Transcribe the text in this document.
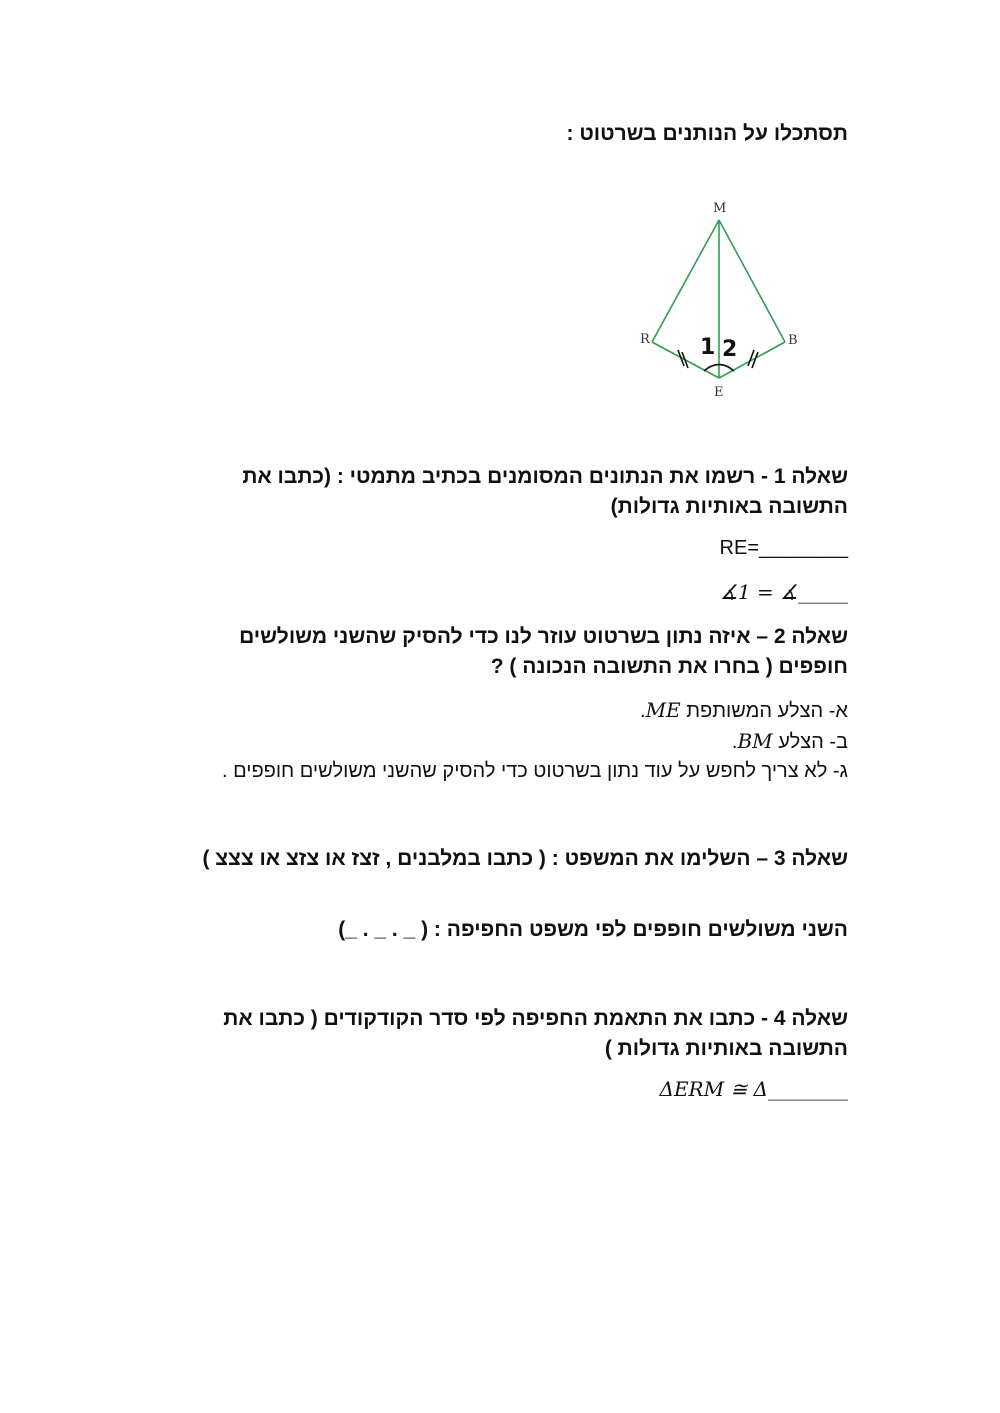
תסתכלו על הנותנים בשרטוט :
M
R	B
E
1 2
שאלה 1 - רשמו את הנתונים המסומנים בכתיב מתמטי : (כתבו את התשובה באותיות גדולות)
RE=________
∡1 = ∡_____
שאלה 2 – איזה נתון בשרטוט עוזר לנו כדי להסיק שהשני משולשים חופפים ( בחרו את התשובה הנכונה ) ?
א- הצלע המשותפת ME.
ב- הצלע BM.
ג- לא צריך לחפש על עוד נתון בשרטוט כדי להסיק שהשני משולשים חופפים .
שאלה 3 – השלימו את המשפט : ( כתבו במלבנים , זצז או צזצ או צצצ )
השני משולשים חופפים לפי משפט החפיפה : ( _ . _ . _)
שאלה 4 - כתבו את התאמת החפיפה לפי סדר הקודקודים ( כתבו את התשובה באותיות גדולות )
ΔERM ≅ Δ________
